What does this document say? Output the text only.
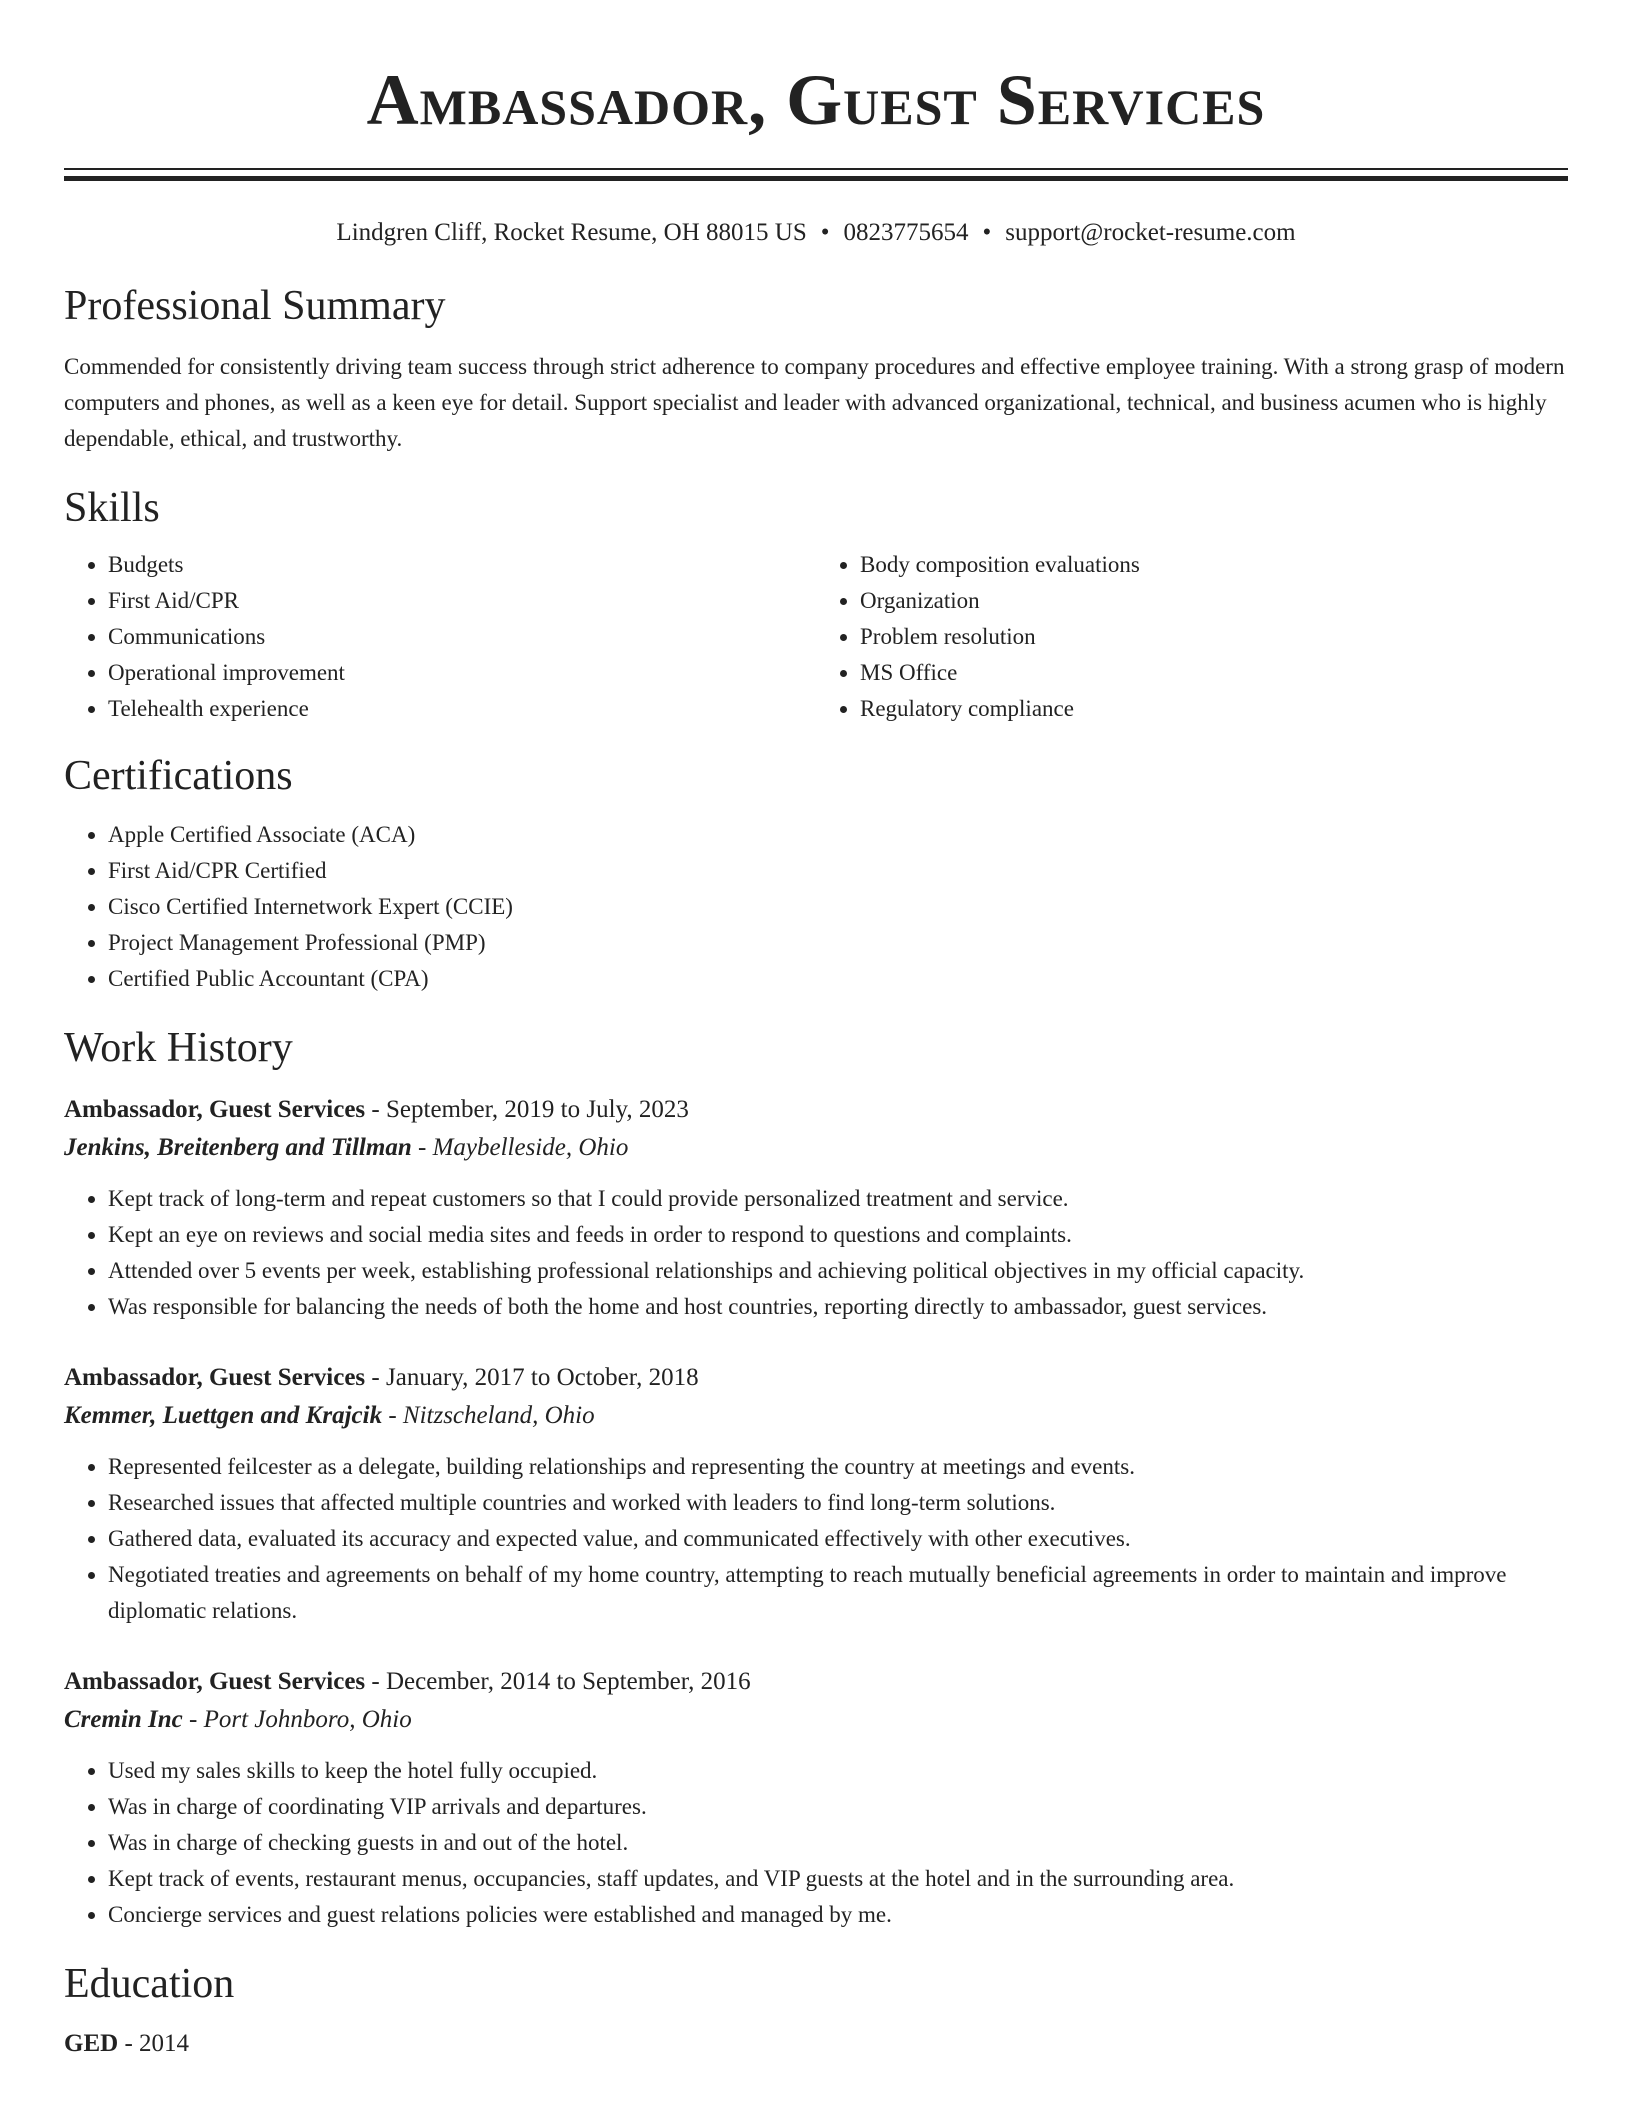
Ambassador, Guest Services
Lindgren Cliff, Rocket Resume, OH 88015 US • 0823775654 • support@rocket-resume.com
Professional Summary

Commended for consistently driving team success through strict adherence to company procedures and effective employee training. With a strong grasp of modern computers and phones, as well as a keen eye for detail. Support specialist and leader with advanced organizational, technical, and business acumen who is highly dependable, ethical, and trustworthy.

Skills
• Budgets
• First Aid/CPR
• Communications
• Operational improvement
• Telehealth experience
• Body composition evaluations
• Organization
• Problem resolution
• MS Office
• Regulatory compliance
Certifications
• Apple Certified Associate (ACA)
• First Aid/CPR Certified
• Cisco Certified Internetwork Expert (CCIE)
• Project Management Professional (PMP)
• Certified Public Accountant (CPA)
Work History
Ambassador, Guest Services - September, 2019 to July, 2023
Jenkins, Breitenberg and Tillman - Maybelleside, Ohio
• Kept track of long-term and repeat customers so that I could provide personalized treatment and service.
• Kept an eye on reviews and social media sites and feeds in order to respond to questions and complaints.
• Attended over 5 events per week, establishing professional relationships and achieving political objectives in my official capacity.
• Was responsible for balancing the needs of both the home and host countries, reporting directly to ambassador, guest services.
Ambassador, Guest Services - January, 2017 to October, 2018
Kemmer, Luettgen and Krajcik - Nitzscheland, Ohio
• Represented feilcester as a delegate, building relationships and representing the country at meetings and events.
• Researched issues that affected multiple countries and worked with leaders to find long-term solutions.
• Gathered data, evaluated its accuracy and expected value, and communicated effectively with other executives.
• Negotiated treaties and agreements on behalf of my home country, attempting to reach mutually beneficial agreements in order to maintain and improve diplomatic relations.
Ambassador, Guest Services - December, 2014 to September, 2016
Cremin Inc - Port Johnboro, Ohio
• Used my sales skills to keep the hotel fully occupied.
• Was in charge of coordinating VIP arrivals and departures.
• Was in charge of checking guests in and out of the hotel.
• Kept track of events, restaurant menus, occupancies, staff updates, and VIP guests at the hotel and in the surrounding area.
• Concierge services and guest relations policies were established and managed by me.
Education
GED - 2014
